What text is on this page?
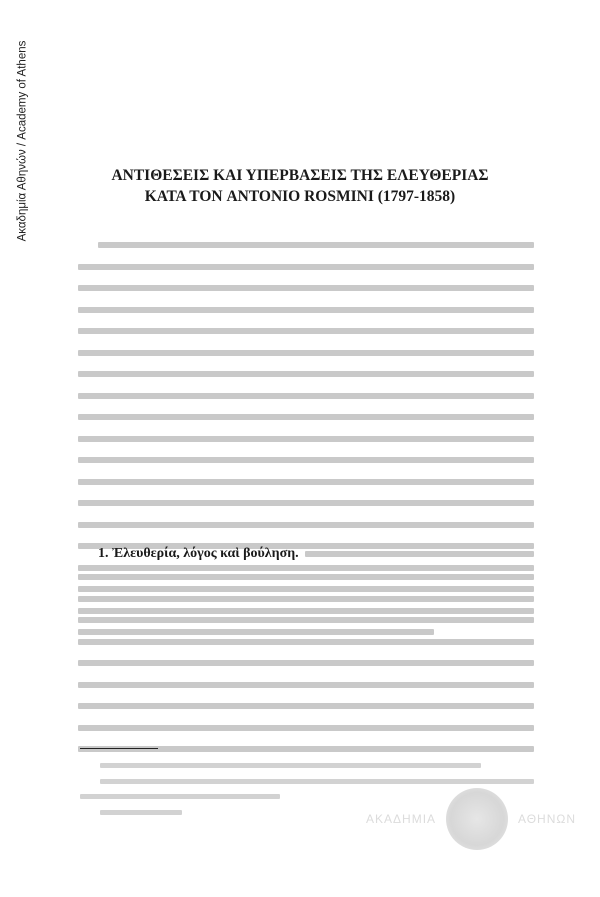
Ακαδημία Αθηνών / Academy of Athens	ΑΝΤΙΘΕΣΕΙΣ ΚΑΙ ΥΠΕΡΒΑΣΕΙΣ ΤΗΣ ΕΛΕΥΘΕΡΙΑΣ
ΚΑΤΑ ΤΟΝ ANTONIO ROSMINI (1797-1858)
1. Ἐλευθερία, λόγος καὶ βούληση.
ΑΚΑΔΗΜΙΑ	ΑΘΗΝΩΝ
